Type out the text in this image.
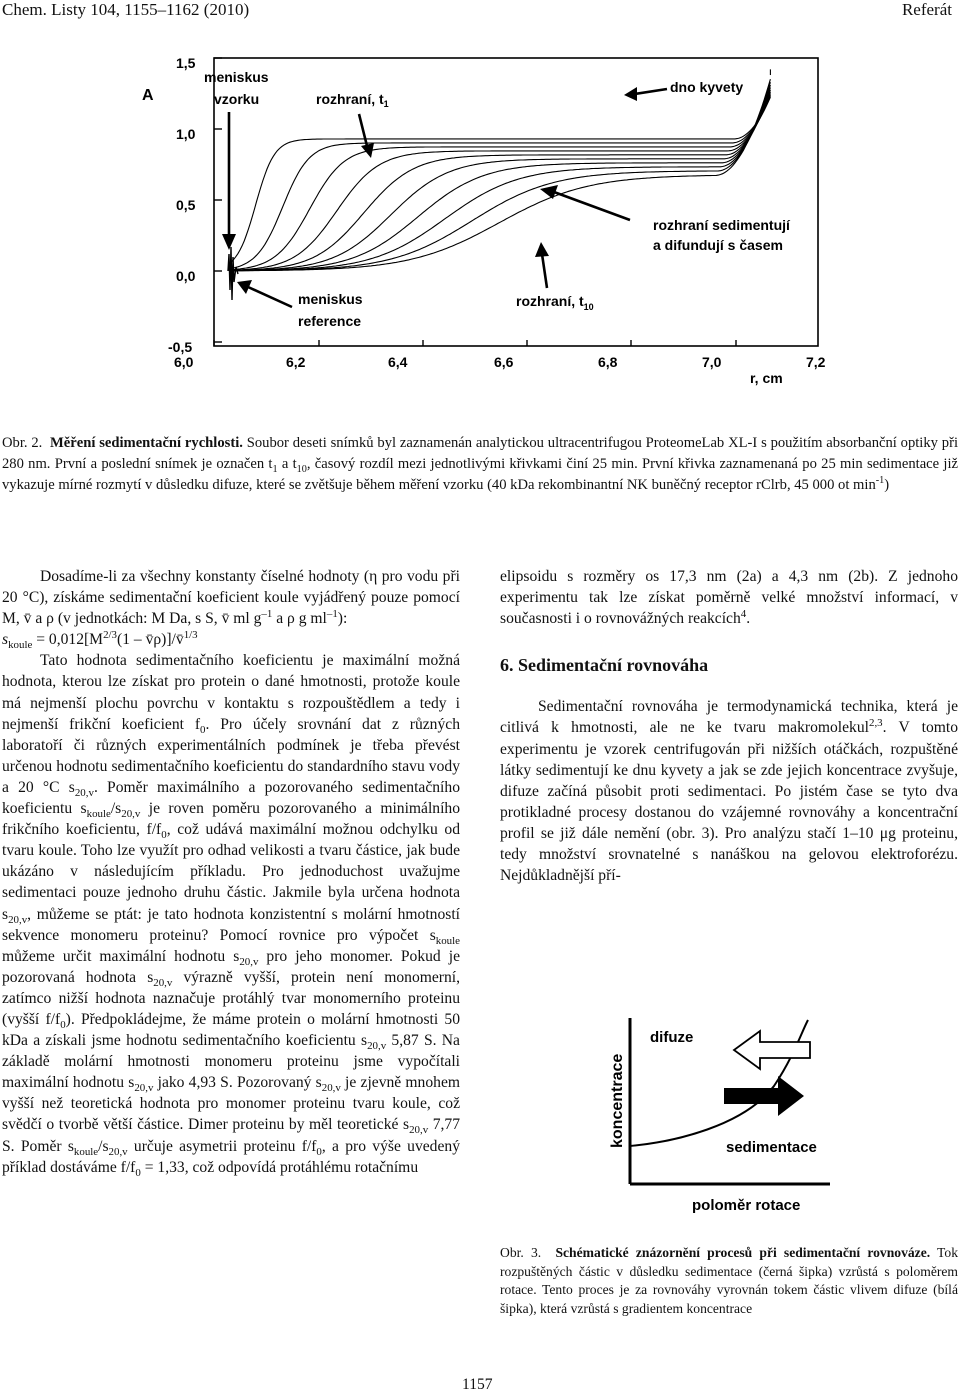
Chem. Listy 104, 1155–1162 (2010)	Referát
A
1,5
1,0
0,5
0,0
-0,5
6,0	6,2	6,4	6,6	6,8	7,0	7,2
r, cm
meniskus
vzorku	rozhraní, $t_1$
dno kyvety
rozhraní sedimentují
a difundují s časem
meniskus
reference
rozhraní, $t_{10}$
Obr. 2. Měření sedimentační rychlosti. Soubor deseti snímků byl zaznamenán analytickou ultracentrifugou ProteomeLab XL-I s použitím absorbanční optiky při 280 nm. První a poslední snímek je označen $t_1$ a $t_{10}$, časový rozdíl mezi jednotlivými křivkami činí 25 min. První křivka zaznamenaná po 25 min sedimentace již vykazuje mírné rozmytí v důsledku difuze, které se zvětšuje během měření vzorku (40 kDa rekombinantní NK buněčný receptor rClrb, 45 000 ot $\min^{-1}$)

Dosadíme-li za všechny konstanty číselné hodnoty (η pro vodu při 20 °C), získáme sedimentační koeficient koule vyjádřený pouze pomocí M, v̄ a ρ (v jednotkách: M Da, s S, v̄ ml $g^{-1}$ a ρ g $ml^{-1}$):

$s_{koule} = 0,012[M^{2/3}(1$ – v̄ρ)]/v̄$^{1/3}$

Tato hodnota sedimentačního koeficientu je maximální možná hodnota, kterou lze získat pro protein o dané hmotnosti, protože koule má nejmenší plochu povrchu v kontaktu s rozpouštědlem a tedy i nejmenší frikční koeficient $f_0$. Pro účely srovnání dat z různých laboratoří či různých experimentálních podmínek je třeba převést určenou hodnotu sedimentačního koeficientu do standardního stavu vody a 20 °C $s_{20,v}$. Poměr maximálního a pozorovaného sedimentačního koeficientu $s_{koule}/s_{20,v}$ je roven poměru pozorovaného a minimálního frikčního koeficientu, $f/f_0$, což udává maximální možnou odchylku od tvaru koule. Toho lze využít pro odhad velikosti a tvaru částice, jak bude ukázáno v následujícím příkladu. Pro jednoduchost uvažujme sedimentaci pouze jednoho druhu částic. Jakmile byla určena hodnota $s_{20,v}$, můžeme se ptát: je tato hodnota konzistentní s molární hmotností sekvence monomeru proteinu? Pomocí rovnice pro výpočet $s_{koule}$ můžeme určit maximální hodnotu $s_{20,v}$ pro jeho monomer. Pokud je pozorovaná hodnota $s_{20,v}$ výrazně vyšší, protein není monomerní, zatímco nižší hodnota naznačuje protáhlý tvar monomerního proteinu (vyšší $f/f_0$). Předpokládejme, že máme protein o molární hmotnosti 50 kDa a získali jsme hodnotu sedimentačního koeficientu $s_{20,v}$ 5,87 S. Na základě molární hmotnosti monomeru proteinu jsme vypočítali maximální hodnotu $s_{20,v}$ jako 4,93 S. Pozorovaný $s_{20,v}$ je zjevně mnohem vyšší než teoretická hodnota pro monomer proteinu tvaru koule, což svědčí o tvorbě větší částice. Dimer proteinu by měl teoretické $s_{20,v}$ 7,77 S. Poměr $s_{koule}/s_{20,v}$ určuje asymetrii proteinu $f/f_0$, a pro výše uvedený příklad dostáváme $f/f_0 = 1,33$, což odpovídá protáhlému rotačnímu

elipsoidu s rozměry os 17,3 nm (2a) a 4,3 nm (2b). Z jednoho experimentu tak lze získat poměrně velké množství informací, v současnosti i o rovnovážných reakcích$^4$.

6. Sedimentační rovnováha

Sedimentační rovnováha je termodynamická technika, která je citlivá k hmotnosti, ale ne ke tvaru makromolekul$^{2,3}$. V tomto experimentu je vzorek centrifugován při nižších otáčkách, rozpuštěné látky sedimentují ke dnu kyvety a jak se zde jejich koncentrace zvyšuje, difuze začíná působit proti sedimentaci. Po jistém čase se tyto dva protikladné procesy dostanou do vzájemné rovnováhy a koncentrační profil se již dále nemění (obr. 3). Pro analýzu stačí 1–10 μg proteinu, tedy množství srovnatelné s nanáškou na gelovou elektroforézu. Nejdůkladnější pří-

koncentrace
difuze
sedimentace
poloměr rotace
Obr. 3. Schématické znázornění procesů při sedimentační rovnováze. Tok rozpuštěných částic v důsledku sedimentace (černá šipka) vzrůstá s poloměrem rotace. Tento proces je za rovnováhy vyrovnán tokem částic vlivem difuze (bílá šipka), která vzrůstá s gradientem koncentrace
1157
